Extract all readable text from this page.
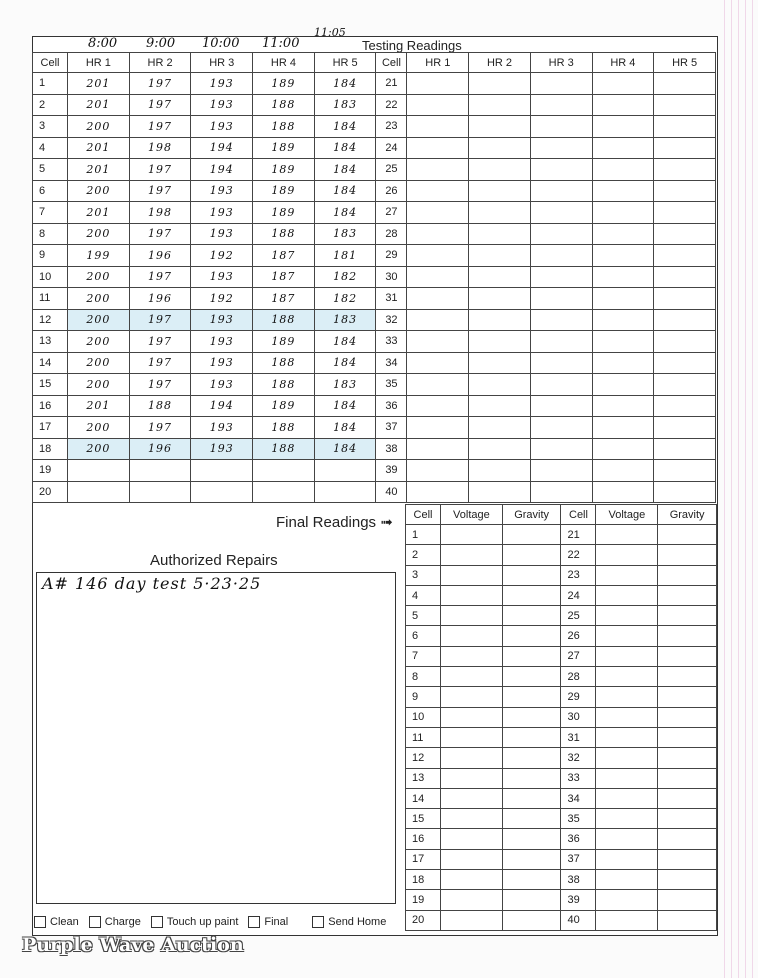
8:00 9:00 10:00 11:00
11:05
Testing Readings
Cell	HR 1	HR 2	HR 3	HR 4	HR 5	Cell	HR 1	HR 2	HR 3	HR 4	HR 5
1	201	197	193	189	184	21					
2	201	197	193	188	183	22					
3	200	197	193	188	184	23					
4	201	198	194	189	184	24					
5	201	197	194	189	184	25					
6	200	197	193	189	184	26					
7	201	198	193	189	184	27					
8	200	197	193	188	183	28					
9	199	196	192	187	181	29					
10	200	197	193	187	182	30					
11	200	196	192	187	182	31					
12	200	197	193	188	183	32					
13	200	197	193	189	184	33					
14	200	197	193	188	184	34					
15	200	197	193	188	183	35					
16	201	188	194	189	184	36					
17	200	197	193	188	184	37					
18	200	196	193	188	184	38					
19						39					
20						40					
Final Readings ➟
Authorized Repairs
A# 146 day test 5·23·25
Cell	Voltage	Gravity	Cell	Voltage	Gravity
1			21		
2			22		
3			23		
4			24		
5			25		
6			26		
7			27		
8			28		
9			29		
10			30		
11			31		
12			32		
13			33		
14			34		
15			35		
16			36		
17			37		
18			38		
19			39		
20			40		
Clean Charge Touch up paint Final	Send Home
Purple Wave Auction
